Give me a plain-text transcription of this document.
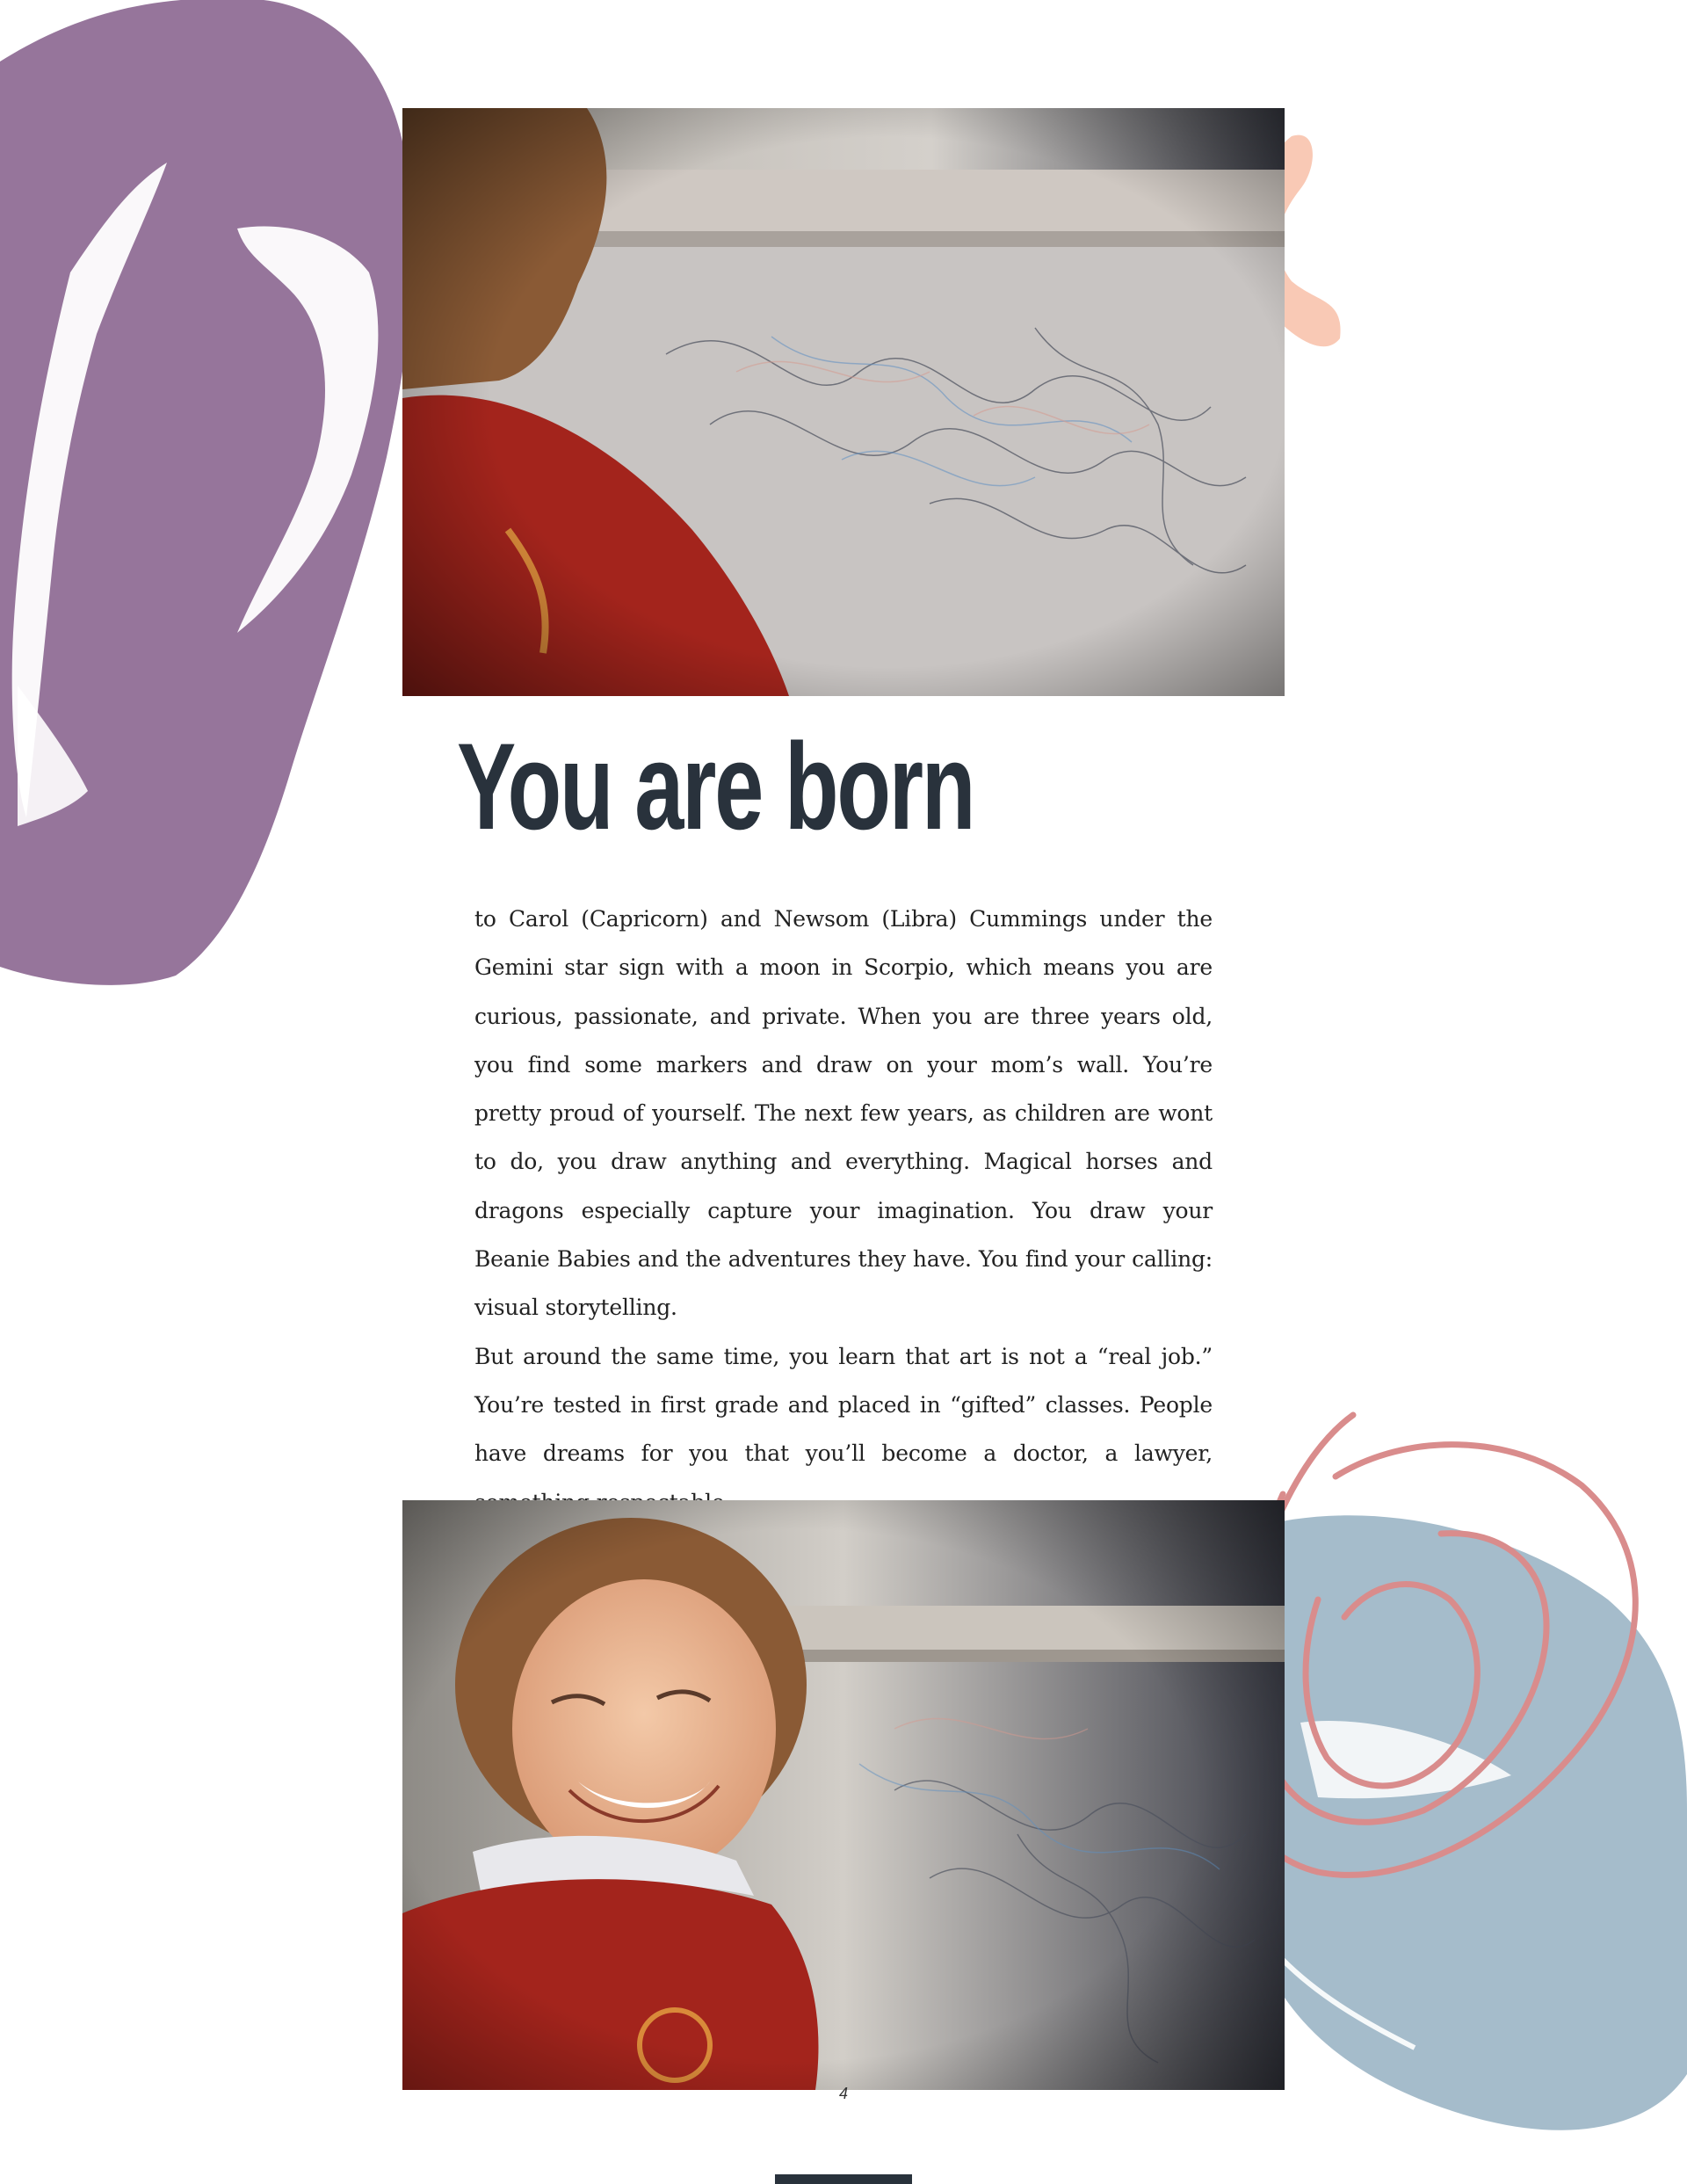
You are born

to Carol (Capricorn) and Newsom (Libra) Cummings under the Gemini star sign with a moon in Scorpio, which means you are curious, passionate, and private. When you are three years old, you find some markers and draw on your mom’s wall. You’re pretty proud of yourself. The next few years, as children are wont to do, you draw anything and everything. Magical horses and dragons especially capture your imagination. You draw your Beanie Babies and the adventures they have. You find your calling: visual storytelling.

But around the same time, you learn that art is not a “real job.” You’re tested in first grade and placed in “gifted” classes. People have dreams for you that you’ll become a doctor, a lawyer,

4
